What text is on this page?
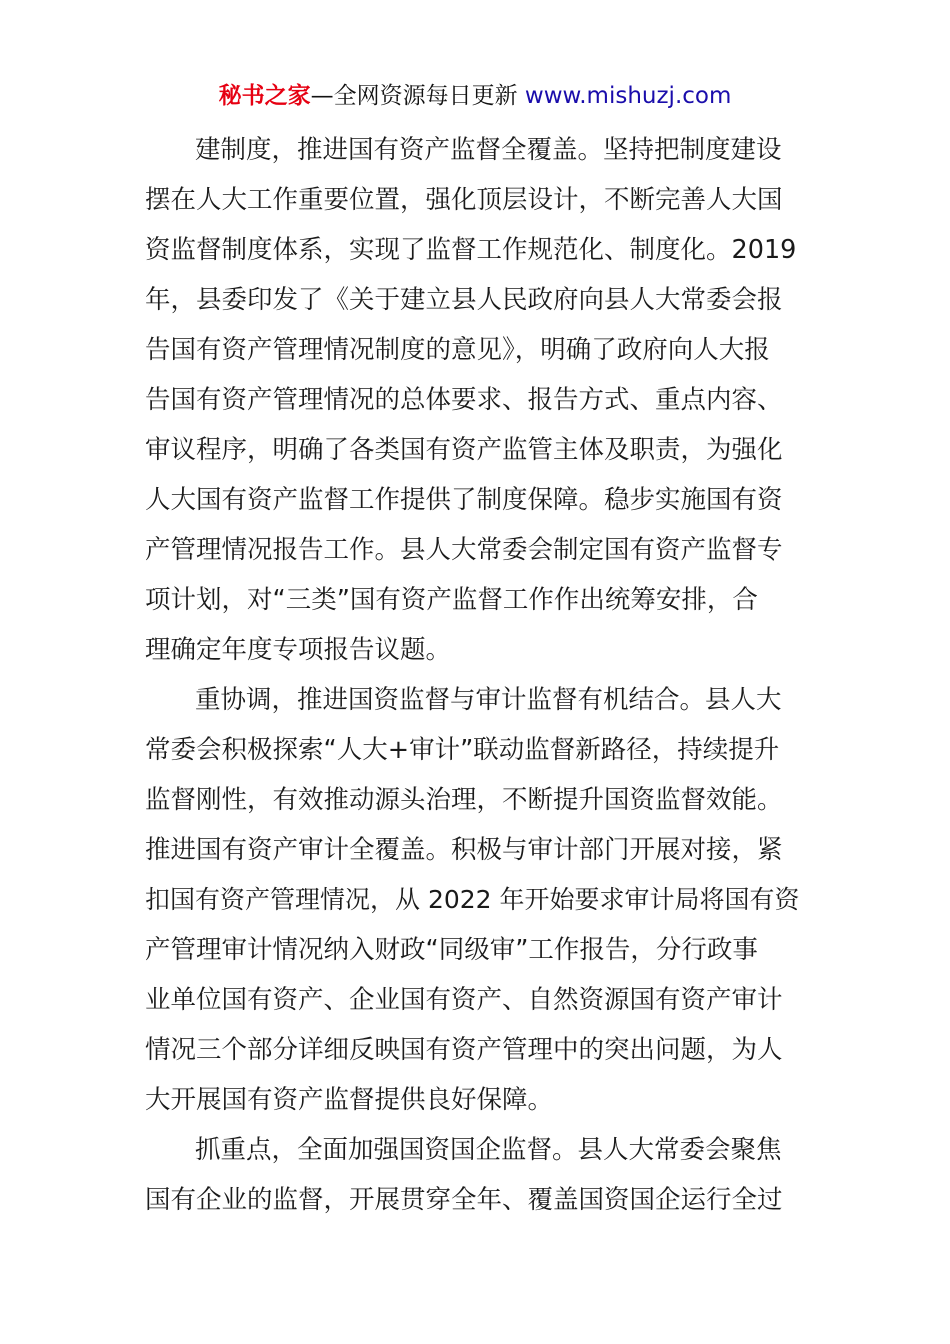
秘书之家—全网资源每日更新 www.mishuzj.com
建制度，推进国有资产监督全覆盖。坚持把制度建设
摆在人大工作重要位置，强化顶层设计，不断完善人大国
资监督制度体系，实现了监督工作规范化、制度化。2019
年，县委印发了《关于建立县人民政府向县人大常委会报
告国有资产管理情况制度的意见》，明确了政府向人大报
告国有资产管理情况的总体要求、报告方式、重点内容、
审议程序，明确了各类国有资产监管主体及职责，为强化
人大国有资产监督工作提供了制度保障。稳步实施国有资
产管理情况报告工作。县人大常委会制定国有资产监督专
项计划，对“三类”国有资产监督工作作出统筹安排，合
理确定年度专项报告议题。
重协调，推进国资监督与审计监督有机结合。县人大
常委会积极探索“人大+审计”联动监督新路径，持续提升
监督刚性，有效推动源头治理，不断提升国资监督效能。
推进国有资产审计全覆盖。积极与审计部门开展对接，紧
扣国有资产管理情况，从 2022 年开始要求审计局将国有资
产管理审计情况纳入财政“同级审”工作报告，分行政事
业单位国有资产、企业国有资产、自然资源国有资产审计
情况三个部分详细反映国有资产管理中的突出问题，为人
大开展国有资产监督提供良好保障。
抓重点，全面加强国资国企监督。县人大常委会聚焦
国有企业的监督，开展贯穿全年、覆盖国资国企运行全过
